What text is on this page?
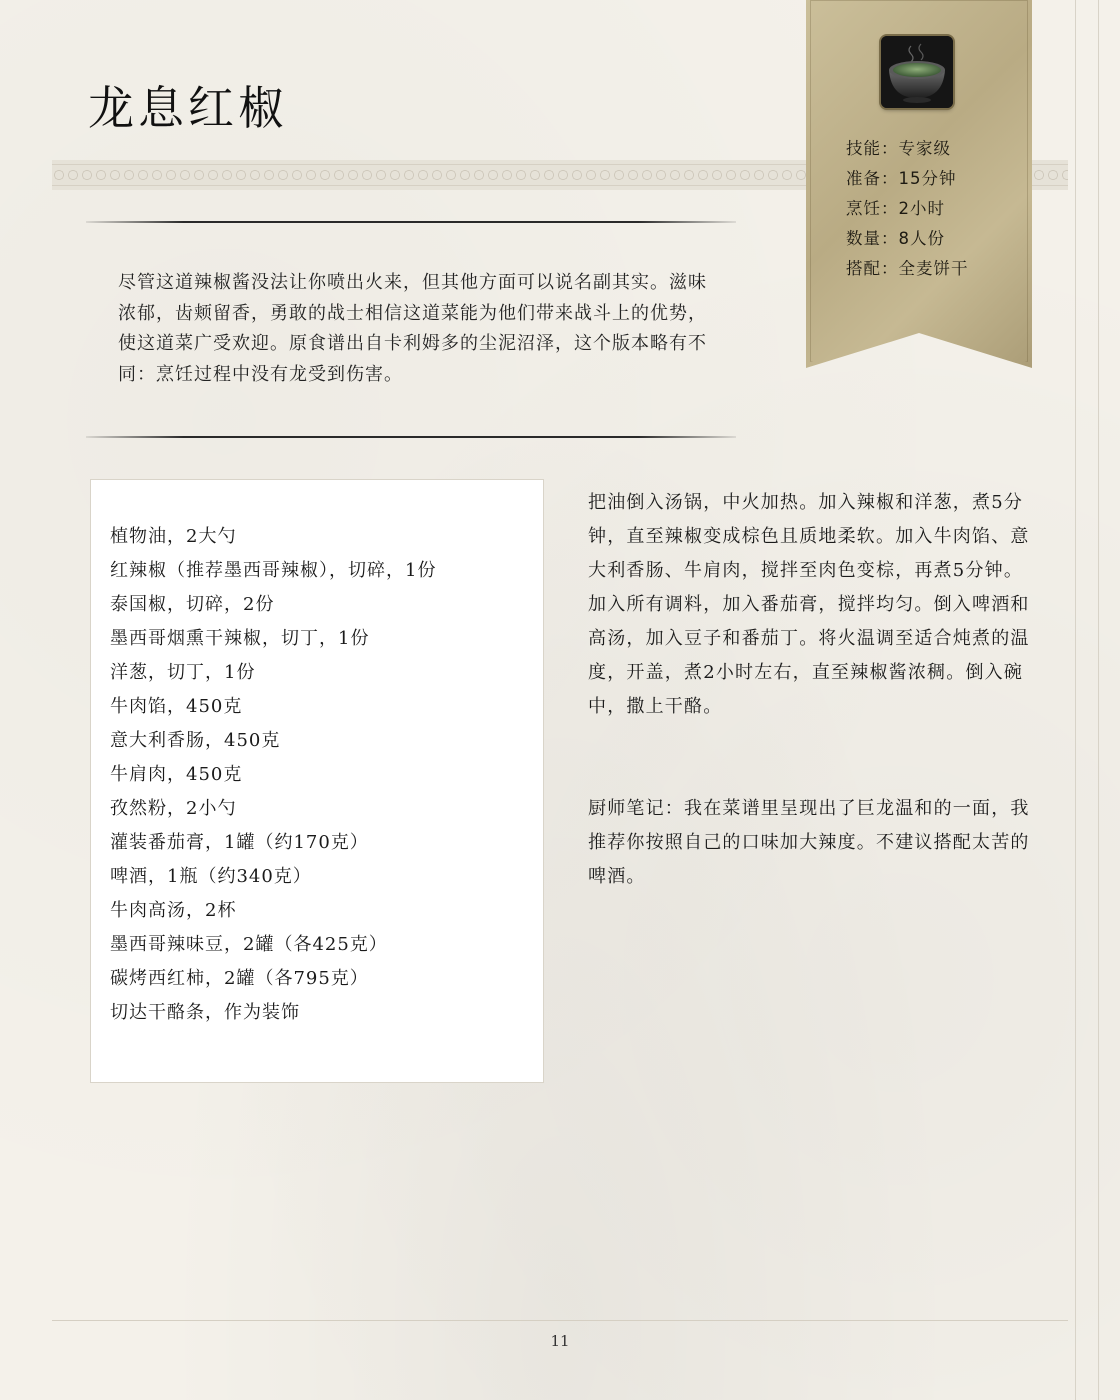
龙息红椒

尽管这道辣椒酱没法让你喷出火来，但其他方面可以说名副其实。滋味浓郁，齿颊留香，勇敢的战士相信这道菜能为他们带来战斗上的优势，使这道菜广受欢迎。原食谱出自卡利姆多的尘泥沼泽，这个版本略有不同：烹饪过程中没有龙受到伤害。

技能：专家级
准备：15分钟
烹饪：2小时
数量：8人份
搭配：全麦饼干
植物油，2大勺
红辣椒（推荐墨西哥辣椒），切碎，1份
泰国椒，切碎，2份
墨西哥烟熏干辣椒，切丁，1份
洋葱，切丁，1份
牛肉馅，450克
意大利香肠，450克
牛肩肉，450克
孜然粉，2小勺
灌装番茄膏，1罐（约170克）
啤酒，1瓶（约340克）
牛肉高汤，2杯
墨西哥辣味豆，2罐（各425克）
碳烤西红柿，2罐（各795克）
切达干酪条，作为装饰

把油倒入汤锅，中火加热。加入辣椒和洋葱，煮5分钟，直至辣椒变成棕色且质地柔软。加入牛肉馅、意大利香肠、牛肩肉，搅拌至肉色变棕，再煮5分钟。加入所有调料，加入番茄膏，搅拌均匀。倒入啤酒和高汤，加入豆子和番茄丁。将火温调至适合炖煮的温度，开盖，煮2小时左右，直至辣椒酱浓稠。倒入碗中，撒上干酪。

厨师笔记：我在菜谱里呈现出了巨龙温和的一面，我推荐你按照自己的口味加大辣度。不建议搭配太苦的啤酒。

11
